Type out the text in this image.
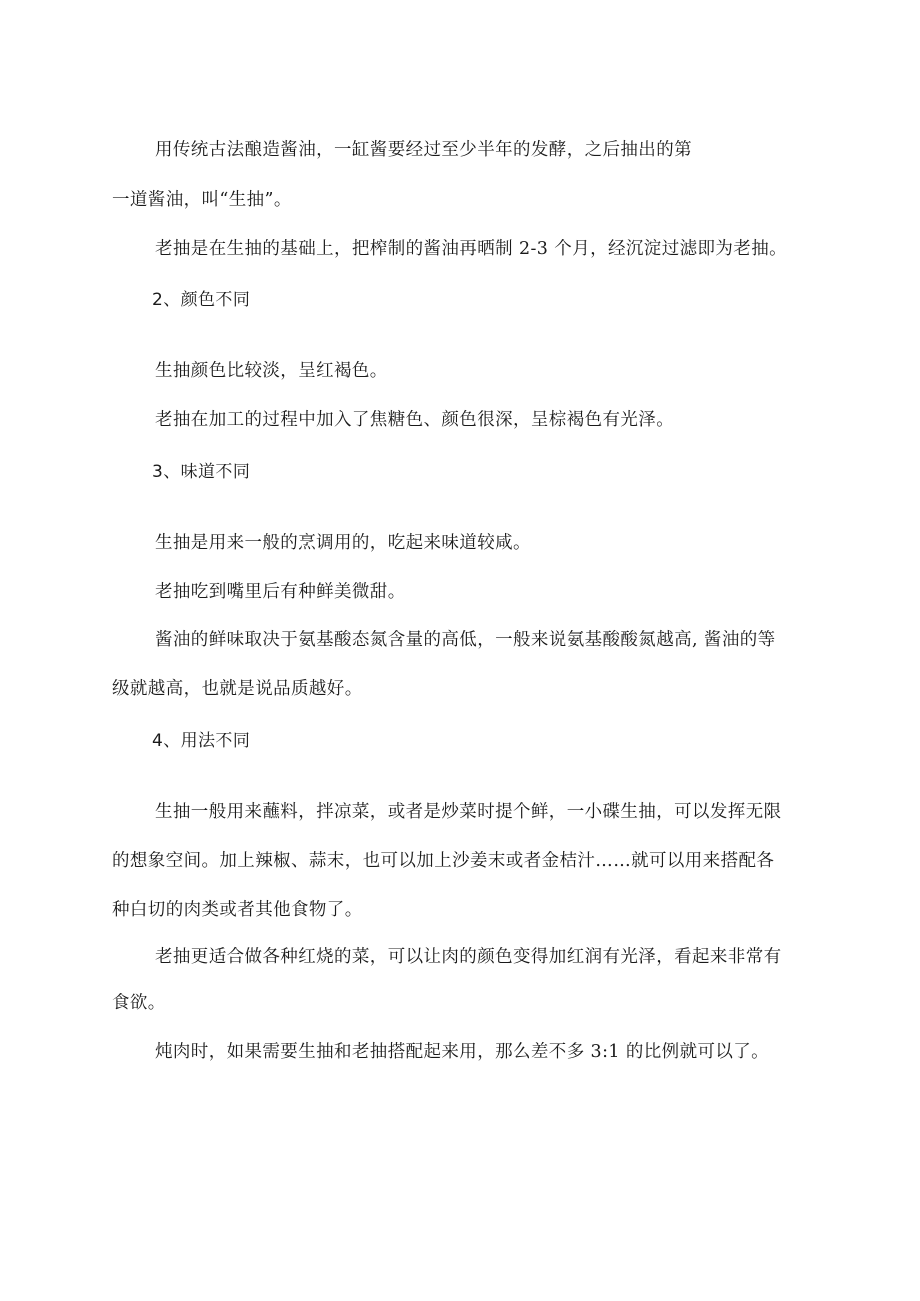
用传统古法酿造酱油，一缸酱要经过至少半年的发酵，之后抽出的第

一道酱油，叫“生抽”。

老抽是在生抽的基础上，把榨制的酱油再晒制 2-3 个月，经沉淀过滤即为老抽。

2、颜色不同

生抽颜色比较淡，呈红褐色。

老抽在加工的过程中加入了焦糖色、颜色很深，呈棕褐色有光泽。

3、味道不同

生抽是用来一般的烹调用的，吃起来味道较咸。

老抽吃到嘴里后有种鲜美微甜。

酱油的鲜味取决于氨基酸态氮含量的高低，一般来说氨基酸酸氮越高, 酱油的等

级就越高，也就是说品质越好。

4、用法不同

生抽一般用来蘸料，拌凉菜，或者是炒菜时提个鲜，一小碟生抽，可以发挥无限

的想象空间。加上辣椒、蒜末，也可以加上沙姜末或者金桔汁……就可以用来搭配各

种白切的肉类或者其他食物了。

老抽更适合做各种红烧的菜，可以让肉的颜色变得加红润有光泽，看起来非常有

食欲。

炖肉时，如果需要生抽和老抽搭配起来用，那么差不多 3:1 的比例就可以了。
